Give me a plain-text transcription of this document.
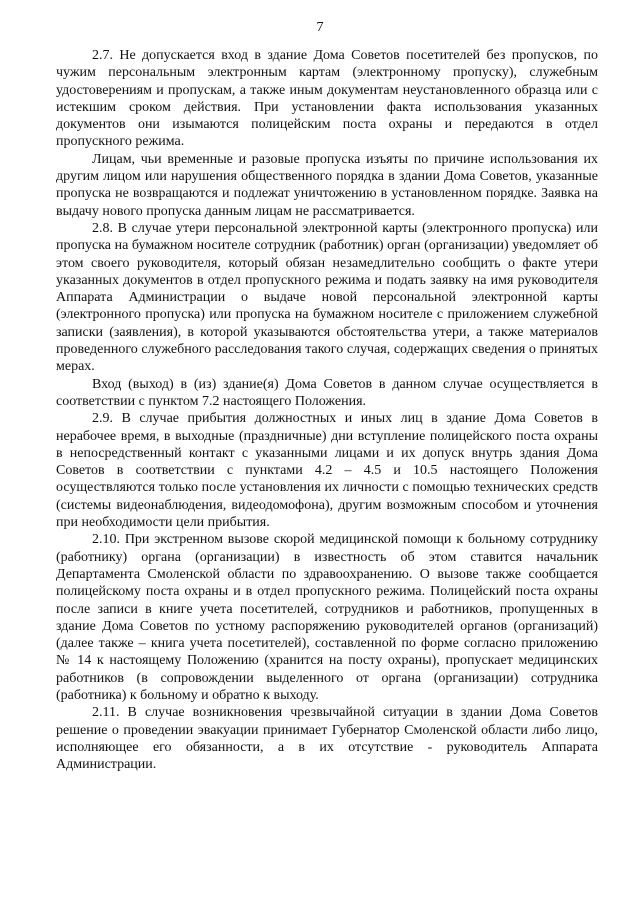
7

2.7. Не допускается вход в здание Дома Советов посетителей без пропусков, по чужим персональным электронным картам (электронному пропуску), служебным удостоверениям и пропускам, а также иным документам неустановленного образца или с истекшим сроком действия. При установлении факта использования указанных документов они изымаются полицейским поста охраны и передаются в отдел пропускного режима.

Лицам, чьи временные и разовые пропуска изъяты по причине использования их другим лицом или нарушения общественного порядка в здании Дома Советов, указанные пропуска не возвращаются и подлежат уничтожению в установленном порядке. Заявка на выдачу нового пропуска данным лицам не рассматривается.

2.8. В случае утери персональной электронной карты (электронного пропуска) или пропуска на бумажном носителе сотрудник (работник) орган (организации) уведомляет об этом своего руководителя, который обязан незамедлительно сообщить о факте утери указанных документов в отдел пропускного режима и подать заявку на имя руководителя Аппарата Администрации о выдаче новой персональной электронной карты (электронного пропуска) или пропуска на бумажном носителе с приложением служебной записки (заявления), в которой указываются обстоятельства утери, а также материалов проведенного служебного расследования такого случая, содержащих сведения о принятых мерах.

Вход (выход) в (из) здание(я) Дома Советов в данном случае осуществляется в соответствии с пунктом 7.2 настоящего Положения.

2.9. В случае прибытия должностных и иных лиц в здание Дома Советов в нерабочее время, в выходные (праздничные) дни вступление полицейского поста охраны в непосредственный контакт с указанными лицами и их допуск внутрь здания Дома Советов в соответствии с пунктами 4.2 – 4.5 и 10.5 настоящего Положения осуществляются только после установления их личности с помощью технических средств (системы видеонаблюдения, видеодомофона), другим возможным способом и уточнения при необходимости цели прибытия.

2.10. При экстренном вызове скорой медицинской помощи к больному сотруднику (работнику) органа (организации) в известность об этом ставится начальник Департамента Смоленской области по здравоохранению. О вызове также сообщается полицейскому поста охраны и в отдел пропускного режима. Полицейский поста охраны после записи в книге учета посетителей, сотрудников и работников, пропущенных в здание Дома Советов по устному распоряжению руководителей органов (организаций) (далее также – книга учета посетителей), составленной по форме согласно приложению № 14 к настоящему Положению (хранится на посту охраны), пропускает медицинских работников (в сопровождении выделенного от органа (организации) сотрудника (работника) к больному и обратно к выходу.

2.11. В случае возникновения чрезвычайной ситуации в здании Дома Советов решение о проведении эвакуации принимает Губернатор Смоленской области либо лицо, исполняющее его обязанности, а в их отсутствие - руководитель Аппарата Администрации.
